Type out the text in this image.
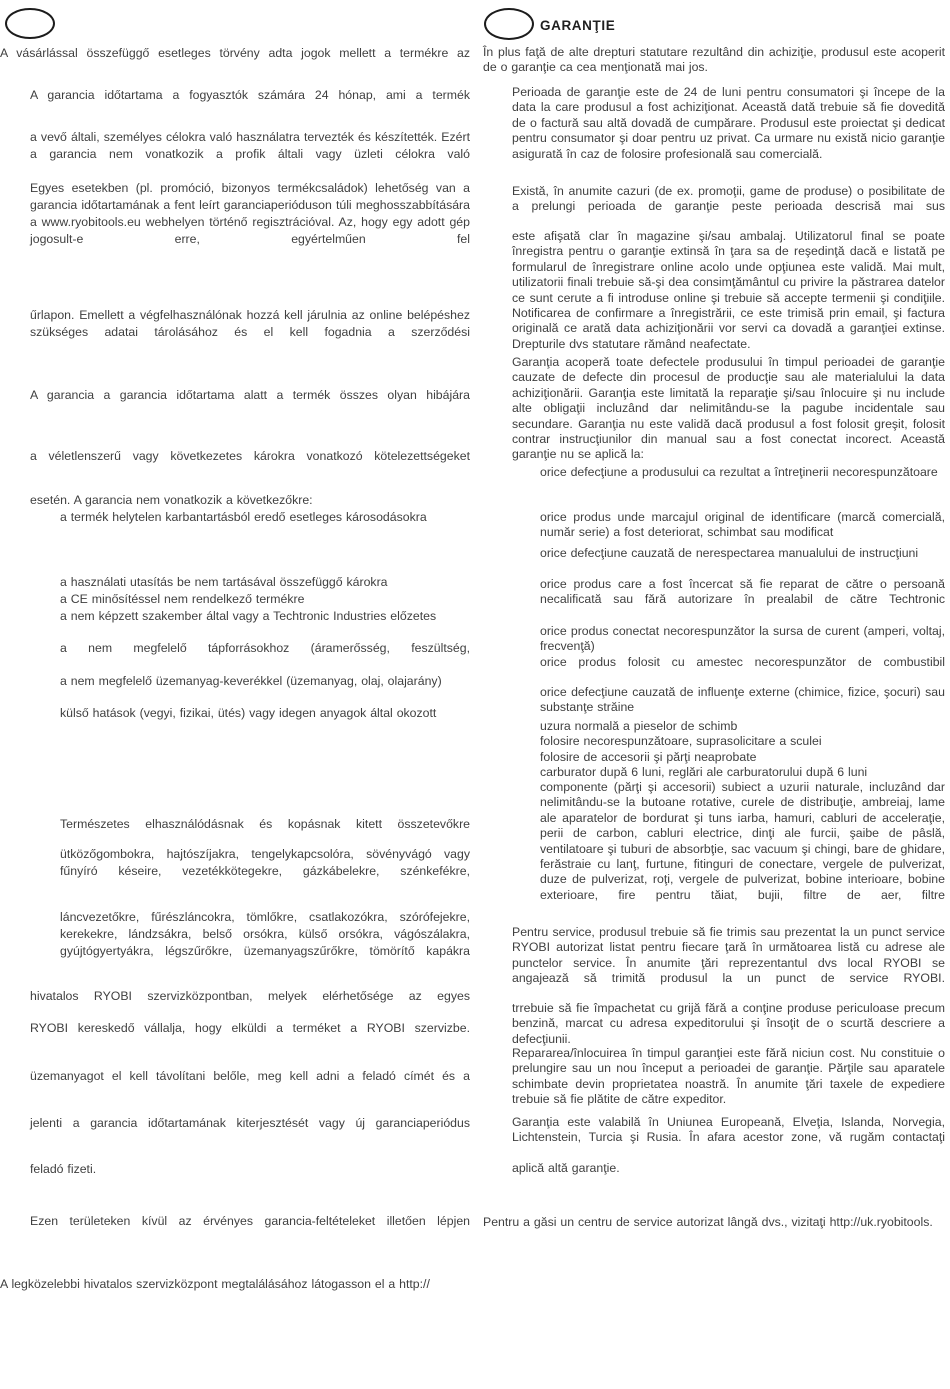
GARANŢIE
A vásárlással összefüggő esetleges törvény adta jogok mellett a termékre az
A garancia időtartama a fogyasztók számára 24 hónap, ami a termék
a vevő általi, személyes célokra való használatra tervezték és készítették. Ezért a garancia nem vonatkozik a profik általi vagy üzleti célokra való
Egyes esetekben (pl. promóció, bizonyos termékcsaládok) lehetőség van a garancia időtartamának a fent leírt garanciaperióduson túli meghosszabbítására a www.ryobitools.eu webhelyen történő regisztrációval. Az, hogy egy adott gép jogosult-e erre, egyértelműen fel
űrlapon. Emellett a végfelhasználónak hozzá kell járulnia az online belépéshez szükséges adatai tárolásához és el kell fogadnia a szerződési
A garancia a garancia időtartama alatt a termék összes olyan hibájára
a véletlenszerű vagy következetes károkra vonatkozó kötelezettségeket
esetén. A garancia nem vonatkozik a következőkre:
a termék helytelen karbantartásból eredő esetleges károsodásokra
a használati utasítás be nem tartásával összefüggő károkra
a CE minősítéssel nem rendelkező termékre
a nem képzett szakember által vagy a Techtronic Industries előzetes
a nem megfelelő tápforrásokhoz (áramerősség, feszültség,
a nem megfelelő üzemanyag-keverékkel (üzemanyag, olaj, olajarány)
külső hatások (vegyi, fizikai, ütés) vagy idegen anyagok által okozott
Természetes elhasználódásnak és kopásnak kitett összetevőkre
ütközőgombokra, hajtószíjakra, tengelykapcsolóra, sövényvágó vagy fűnyíró késeire, vezetékkötegekre, gázkábelekre, szénkefékre,
láncvezetőkre, fűrészláncokra, tömlőkre, csatlakozókra, szórófejekre, kerekekre, lándzsákra, belső orsókra, külső orsókra, vágószálakra, gyújtógyertyákra, légszűrőkre, üzemanyagszűrőkre, tömörítő kapákra
hivatalos RYOBI szervizközpontban, melyek elérhetősége az egyes
RYOBI kereskedő vállalja, hogy elküldi a terméket a RYOBI szervizbe.
üzemanyagot el kell távolítani belőle, meg kell adni a feladó címét és a
jelenti a garancia időtartamának kiterjesztését vagy új garanciaperiódus
feladó fizeti.
Ezen területeken kívül az érvényes garancia-feltételeket illetően lépjen
A legközelebbi hivatalos szervizközpont megtalálásához látogasson el a http://
În plus faţă de alte drepturi statutare rezultând din achiziţie, produsul este acoperit de o garanţie ca cea menţionată mai jos.
Perioada de garanţie este de 24 de luni pentru consumatori şi începe de la data la care produsul a fost achiziţionat. Această dată trebuie să fie dovedită de o factură sau altă dovadă de cumpărare. Produsul este proiectat şi dedicat pentru consumator şi doar pentru uz privat. Ca urmare nu există nicio garanţie asigurată în caz de folosire profesională sau comercială.
Există, în anumite cazuri (de ex. promoţii, game de produse) o posibilitate de a prelungi perioada de garanţie peste perioada descrisă mai sus
este afişată clar în magazine şi/sau ambalaj. Utilizatorul final se poate înregistra pentru o garanţie extinsă în ţara sa de reşedinţă dacă e listată pe formularul de înregistrare online acolo unde opţiunea este validă. Mai mult, utilizatorii finali trebuie să-şi dea consimţământul cu privire la păstrarea datelor ce sunt cerute a fi introduse online şi trebuie să accepte termenii şi condiţiile. Notificarea de confirmare a înregistrării, ce este trimisă prin email, şi factura originală ce arată data achiziţionării vor servi ca dovadă a garanţiei extinse. Drepturile dvs statutare rămând neafectate.
Garanţia acoperă toate defectele produsului în timpul perioadei de garanţie cauzate de defecte din procesul de producţie sau ale materialului la data achiziţionării. Garanţia este limitată la reparaţie şi/sau înlocuire şi nu include alte obligaţii incluzând dar nelimitându-se la pagube incidentale sau secundare. Garanţia nu este validă dacă produsul a fost folosit greşit, folosit contrar instrucţiunilor din manual sau a fost conectat incorect. Această garanţie nu se aplică la:
orice defecţiune a produsului ca rezultat a întreţinerii necorespunzătoare
orice produs unde marcajul original de identificare (marcă comercială, număr serie) a fost deteriorat, schimbat sau modificat
orice defecţiune cauzată de nerespectarea manualului de instrucţiuni
orice produs care a fost încercat să fie reparat de către o persoană necalificată sau fără autorizare în prealabil de către Techtronic
orice produs conectat necorespunzător la sursa de curent (amperi, voltaj, frecvenţă)
orice produs folosit cu amestec necorespunzător de combustibil
orice defecţiune cauzată de influenţe externe (chimice, fizice, şocuri) sau substanţe străine
uzura normală a pieselor de schimb
folosire necorespunzătoare, suprasolicitare a sculei
folosire de accesorii şi părţi neaprobate
carburator după 6 luni, reglări ale carburatorului după 6 luni
componente (părţi şi accesorii) subiect a uzurii naturale, incluzând dar nelimitându-se la butoane rotative, curele de distribuţie, ambreiaj, lame ale aparatelor de bordurat şi tuns iarba, hamuri, cabluri de acceleraţie, perii de carbon, cabluri electrice, dinţi ale furcii, şaibe de pâslă, ventilatoare şi tuburi de absorbţie, sac vacuum şi chingi, bare de ghidare, ferăstraie cu lanţ, furtune, fitinguri de conectare, vergele de pulverizat, duze de pulverizat, roţi, vergele de pulverizat, bobine interioare, bobine exterioare, fire pentru tăiat, bujii, filtre de aer, filtre
Pentru service, produsul trebuie să fie trimis sau prezentat la un punct service RYOBI autorizat listat pentru fiecare ţară în următoarea listă cu adrese ale punctelor service. În anumite ţări reprezentantul dvs local RYOBI se angajează să trimită produsul la un punct de service RYOBI.
trrebuie să fie împachetat cu grijă fără a conţine produse periculoase precum benzină, marcat cu adresa expeditorului şi însoţit de o scurtă descriere a defecţiunii.
Repararea/înlocuirea în timpul garanţiei este fără niciun cost. Nu constituie o prelungire sau un nou început a perioadei de garanţie. Părţile sau aparatele schimbate devin proprietatea noastră. În anumite ţări taxele de expediere trebuie să fie plătite de către expeditor.
Garanţia este valabilă în Uniunea Europeană, Elveţia, Islanda, Norvegia, Lichtenstein, Turcia şi Rusia. În afara acestor zone, vă rugăm contactaţi
aplică altă garanţie.
Pentru a găsi un centru de service autorizat lângă dvs., vizitaţi http://uk.ryobitools.
